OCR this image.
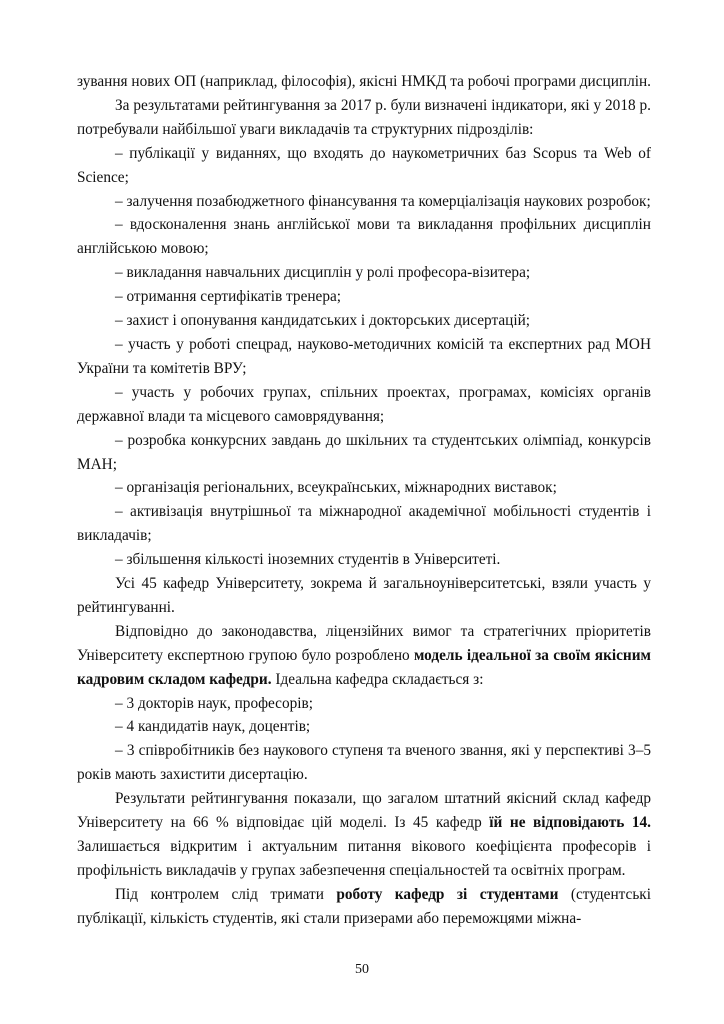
зування нових ОП (наприклад, філософія), якісні НМКД та робочі програми дисциплін.

За результатами рейтингування за 2017 р. були визначені індикатори, які у 2018 р. потребували найбільшої уваги викладачів та структурних підрозділів:

– публікації у виданнях, що входять до наукометричних баз Scopus та Web of Science;

– залучення позабюджетного фінансування та комерціалізація наукових розробок;

– вдосконалення знань англійської мови та викладання профільних дисциплін англійською мовою;

– викладання навчальних дисциплін у ролі професора-візитера;

– отримання сертифікатів тренера;

– захист і опонування кандидатських і докторських дисертацій;

– участь у роботі спецрад, науково-методичних комісій та експертних рад МОН України та комітетів ВРУ;

– участь у робочих групах, спільних проектах, програмах, комісіях органів державної влади та місцевого самоврядування;

– розробка конкурсних завдань до шкільних та студентських олімпіад, конкурсів МАН;

– організація регіональних, всеукраїнських, міжнародних виставок;

– активізація внутрішньої та міжнародної академічної мобільності студентів і викладачів;

– збільшення кількості іноземних студентів в Університеті.

Усі 45 кафедр Університету, зокрема й загальноуніверситетські, взяли участь у рейтингуванні.

Відповідно до законодавства, ліцензійних вимог та стратегічних пріоритетів Університету експертною групою було розроблено модель ідеальної за своїм якісним кадровим складом кафедри. Ідеальна кафедра складається з:

– 3 докторів наук, професорів;

– 4 кандидатів наук, доцентів;

– 3 співробітників без наукового ступеня та вченого звання, які у перспективі 3–5 років мають захистити дисертацію.

Результати рейтингування показали, що загалом штатний якісний склад кафедр Університету на 66 % відповідає цій моделі. Із 45 кафедр їй не відповідають 14. Залишається відкритим і актуальним питання вікового коефіцієнта професорів і профільність викладачів у групах забезпечення спеціальностей та освітніх програм.

Під контролем слід тримати роботу кафедр зі студентами (студентські публікації, кількість студентів, які стали призерами або переможцями міжна-

50
